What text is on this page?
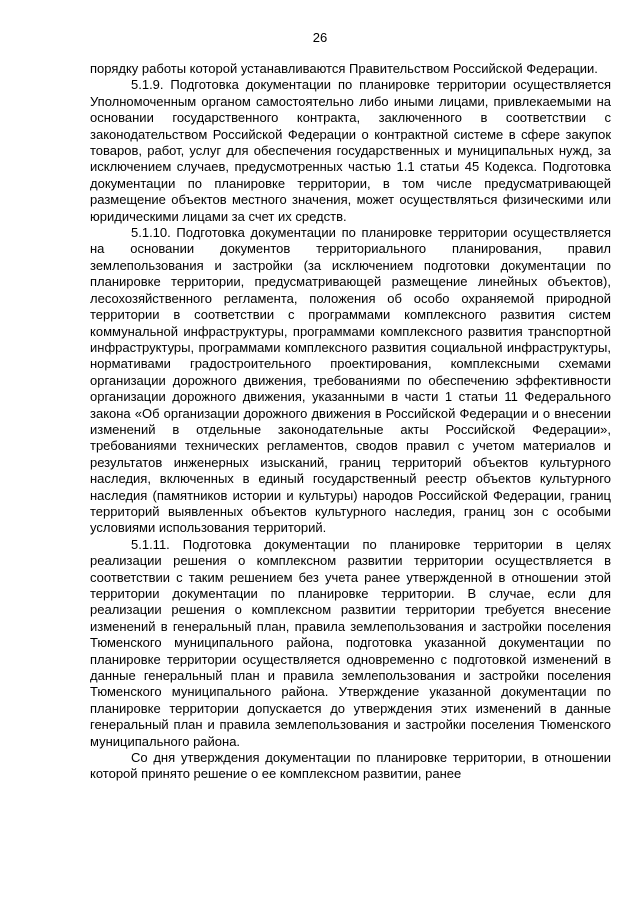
26

порядку работы которой устанавливаются Правительством Российской Федерации.

5.1.9. Подготовка документации по планировке территории осуществляется Уполномоченным органом самостоятельно либо иными лицами, привлекаемыми на основании государственного контракта, заключенного в соответствии с законодательством Российской Федерации о контрактной системе в сфере закупок товаров, работ, услуг для обеспечения государственных и муниципальных нужд, за исключением случаев, предусмотренных частью 1.1 статьи 45 Кодекса. Подготовка документации по планировке территории, в том числе предусматривающей размещение объектов местного значения, может осуществляться физическими или юридическими лицами за счет их средств.

5.1.10. Подготовка документации по планировке территории осуществляется на основании документов территориального планирования, правил землепользования и застройки (за исключением подготовки документации по планировке территории, предусматривающей размещение линейных объектов), лесохозяйственного регламента, положения об особо охраняемой природной территории в соответствии с программами комплексного развития систем коммунальной инфраструктуры, программами комплексного развития транспортной инфраструктуры, программами комплексного развития социальной инфраструктуры, нормативами градостроительного проектирования, комплексными схемами организации дорожного движения, требованиями по обеспечению эффективности организации дорожного движения, указанными в части 1 статьи 11 Федерального закона «Об организации дорожного движения в Российской Федерации и о внесении изменений в отдельные законодательные акты Российской Федерации», требованиями технических регламентов, сводов правил с учетом материалов и результатов инженерных изысканий, границ территорий объектов культурного наследия, включенных в единый государственный реестр объектов культурного наследия (памятников истории и культуры) народов Российской Федерации, границ территорий выявленных объектов культурного наследия, границ зон с особыми условиями использования территорий.

5.1.11. Подготовка документации по планировке территории в целях реализации решения о комплексном развитии территории осуществляется в соответствии с таким решением без учета ранее утвержденной в отношении этой территории документации по планировке территории. В случае, если для реализации решения о комплексном развитии территории требуется внесение изменений в генеральный план, правила землепользования и застройки поселения Тюменского муниципального района, подготовка указанной документации по планировке территории осуществляется одновременно с подготовкой изменений в данные генеральный план и правила землепользования и застройки поселения Тюменского муниципального района. Утверждение указанной документации по планировке территории допускается до утверждения этих изменений в данные генеральный план и правила землепользования и застройки поселения Тюменского муниципального района.

Со дня утверждения документации по планировке территории, в отношении которой принято решение о ее комплексном развитии, ранее
